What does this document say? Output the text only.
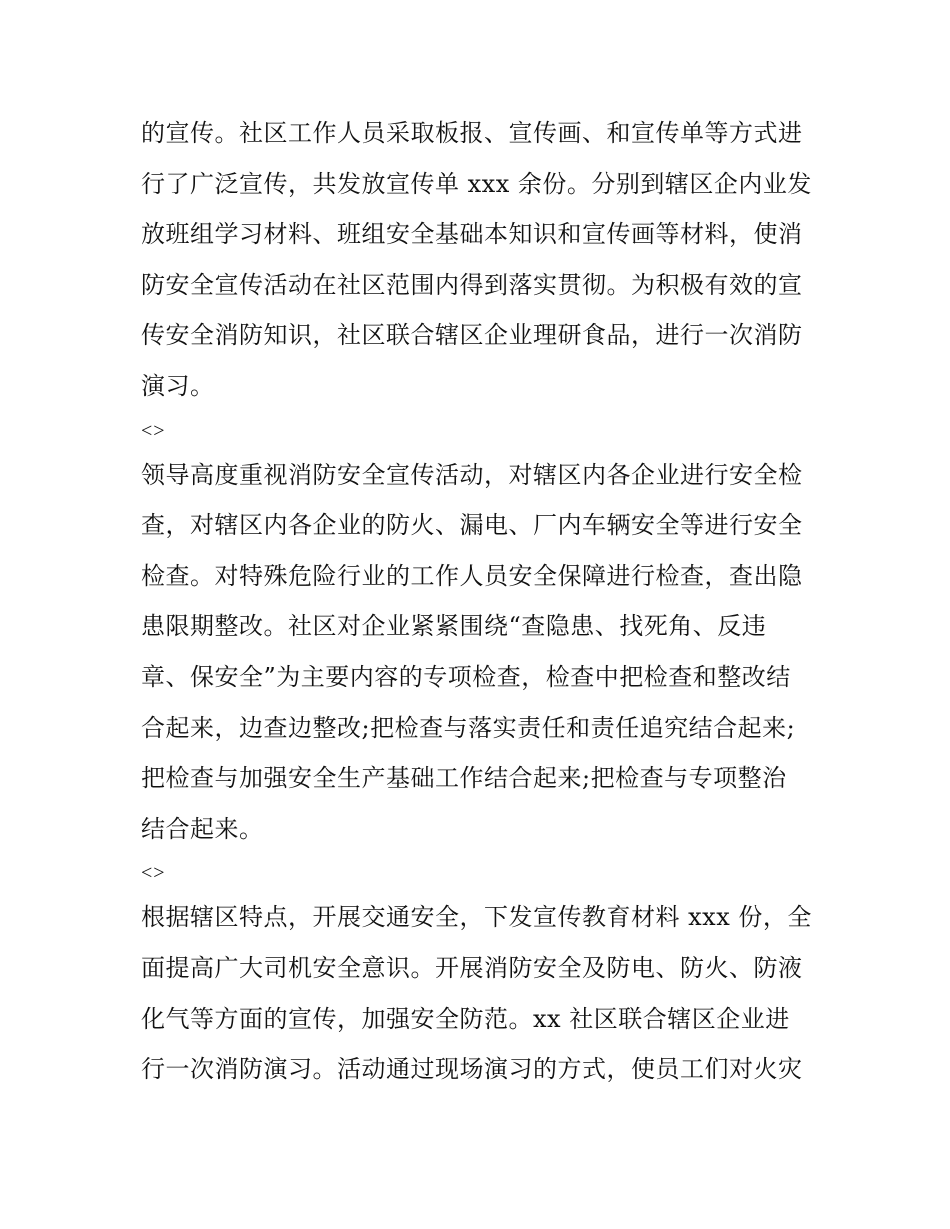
的宣传。社区工作人员采取板报、宣传画、和宣传单等方式进
行了广泛宣传，共发放宣传单 xxx 余份。分别到辖区企内业发
放班组学习材料、班组安全基础本知识和宣传画等材料，使消
防安全宣传活动在社区范围内得到落实贯彻。为积极有效的宣
传安全消防知识，社区联合辖区企业理研食品，进行一次消防
演习。
<>
领导高度重视消防安全宣传活动，对辖区内各企业进行安全检
查，对辖区内各企业的防火、漏电、厂内车辆安全等进行安全
检查。对特殊危险行业的工作人员安全保障进行检查，查出隐
患限期整改。社区对企业紧紧围绕“查隐患、找死角、反违
章、保安全”为主要内容的专项检查，检查中把检查和整改结
合起来，边查边整改;把检查与落实责任和责任追究结合起来;
把检查与加强安全生产基础工作结合起来;把检查与专项整治
结合起来。
<>
根据辖区特点，开展交通安全，下发宣传教育材料 xxx 份，全
面提高广大司机安全意识。开展消防安全及防电、防火、防液
化气等方面的宣传，加强安全防范。xx 社区联合辖区企业进
行一次消防演习。活动通过现场演习的方式，使员工们对火灾
